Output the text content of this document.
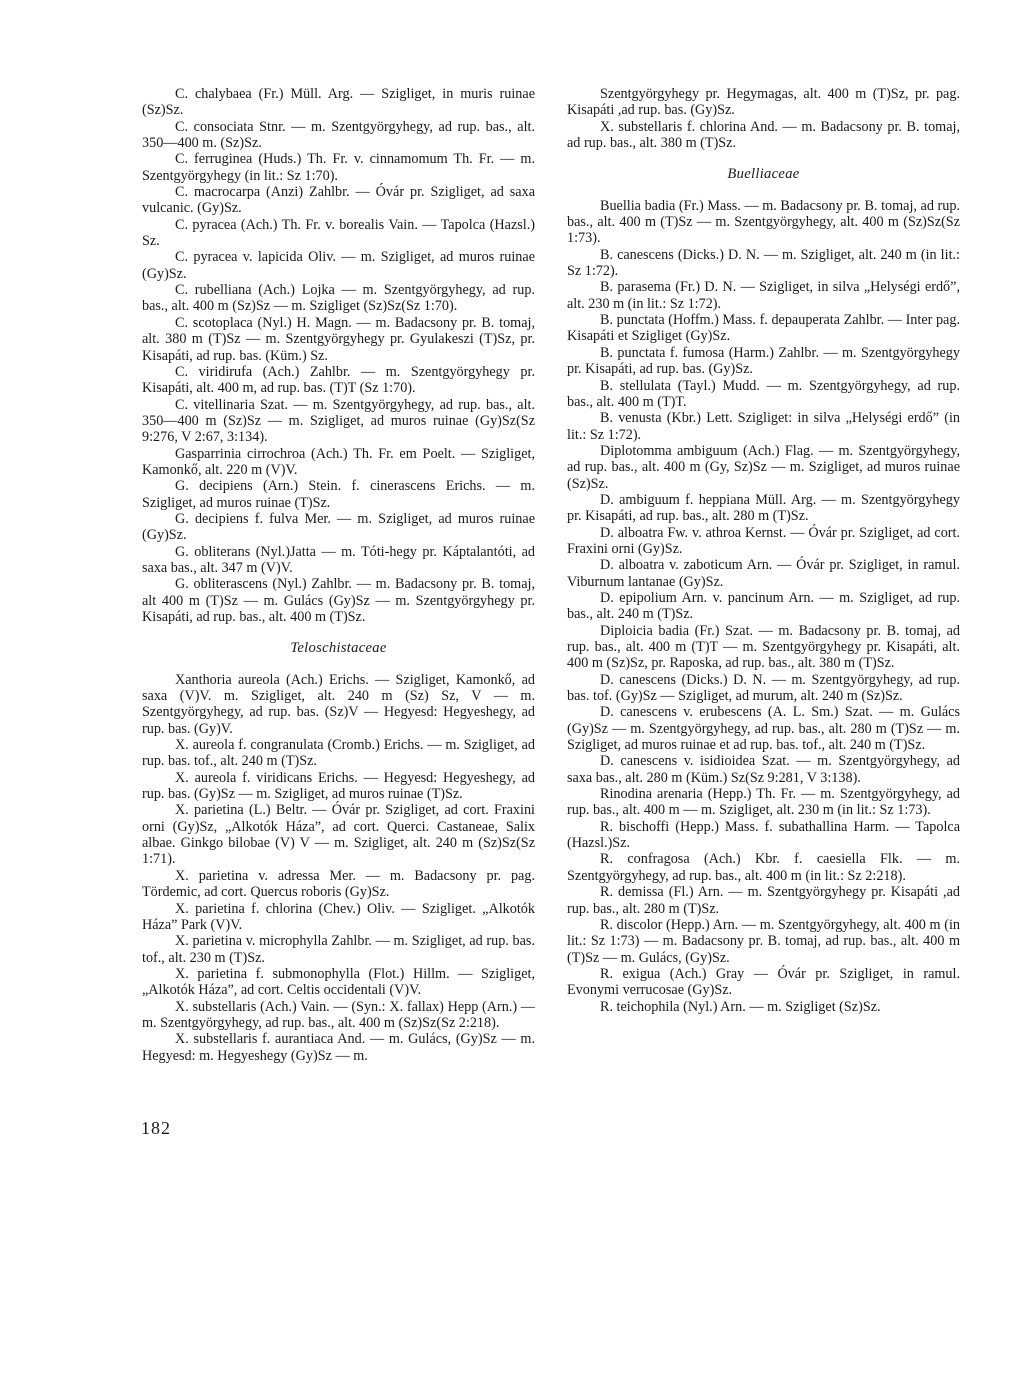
C. chalybaea (Fr.) Müll. Arg. — Szigliget, in muris ruinae (Sz)Sz.

C. consociata Stnr. — m. Szentgyörgyhegy, ad rup. bas., alt. 350—400 m. (Sz)Sz.

C. ferruginea (Huds.) Th. Fr. v. cinnamomum Th. Fr. — m. Szentgyörgyhegy (in lit.: Sz 1:70).

C. macrocarpa (Anzi) Zahlbr. — Óvár pr. Szigliget, ad saxa vulcanic. (Gy)Sz.

C. pyracea (Ach.) Th. Fr. v. borealis Vain. — Tapolca (Hazsl.) Sz.

C. pyracea v. lapicida Oliv. — m. Szigliget, ad muros ruinae (Gy)Sz.

C. rubelliana (Ach.) Lojka — m. Szentgyörgyhegy, ad rup. bas., alt. 400 m (Sz)Sz — m. Szigliget (Sz)Sz(Sz 1:70).

C. scotoplaca (Nyl.) H. Magn. — m. Badacsony pr. B. tomaj, alt. 380 m (T)Sz — m. Szentgyörgyhegy pr. Gyulakeszi (T)Sz, pr. Kisapáti, ad rup. bas. (Küm.) Sz.

C. viridirufa (Ach.) Zahlbr. — m. Szentgyörgyhegy pr. Kisapáti, alt. 400 m, ad rup. bas. (T)T (Sz 1:70).

C. vitellinaria Szat. — m. Szentgyörgyhegy, ad rup. bas., alt. 350—400 m (Sz)Sz — m. Szigliget, ad muros ruinae (Gy)Sz(Sz 9:276, V 2:67, 3:134).

Gasparrinia cirrochroa (Ach.) Th. Fr. em Poelt. — Szigliget, Kamonkő, alt. 220 m (V)V.

G. decipiens (Arn.) Stein. f. cinerascens Erichs. — m. Szigliget, ad muros ruinae (T)Sz.

G. decipiens f. fulva Mer. — m. Szigliget, ad muros ruinae (Gy)Sz.

G. obliterans (Nyl.)Jatta — m. Tóti-hegy pr. Káptalantóti, ad saxa bas., alt. 347 m (V)V.

G. obliterascens (Nyl.) Zahlbr. — m. Badacsony pr. B. tomaj, alt 400 m (T)Sz — m. Gulács (Gy)Sz — m. Szentgyörgyhegy pr. Kisapáti, ad rup. bas., alt. 400 m (T)Sz.

Teloschistaceae

Xanthoria aureola (Ach.) Erichs. — Szigliget, Kamonkő, ad saxa (V)V. m. Szigliget, alt. 240 m (Sz) Sz, V — m. Szentgyörgyhegy, ad rup. bas. (Sz)V — Hegyesd: Hegyeshegy, ad rup. bas. (Gy)V.

X. aureola f. congranulata (Cromb.) Erichs. — m. Szigliget, ad rup. bas. tof., alt. 240 m (T)Sz.

X. aureola f. viridicans Erichs. — Hegyesd: Hegyeshegy, ad rup. bas. (Gy)Sz — m. Szigliget, ad muros ruinae (T)Sz.

X. parietina (L.) Beltr. — Óvár pr. Szigliget, ad cort. Fraxini orni (Gy)Sz, „Alkotók Háza”, ad cort. Querci. Castaneae, Salix albae. Ginkgo bilobae (V) V — m. Szigliget, alt. 240 m (Sz)Sz(Sz 1:71).

X. parietina v. adressa Mer. — m. Badacsony pr. pag. Tördemic, ad cort. Quercus roboris (Gy)Sz.

X. parietina f. chlorina (Chev.) Oliv. — Szigliget. „Alkotók Háza” Park (V)V.

X. parietina v. microphylla Zahlbr. — m. Szigliget, ad rup. bas. tof., alt. 230 m (T)Sz.

X. parietina f. submonophylla (Flot.) Hillm. — Szigliget, „Alkotók Háza”, ad cort. Celtis occidentali (V)V.

X. substellaris (Ach.) Vain. — (Syn.: X. fallax) Hepp (Arn.) — m. Szentgyörgyhegy, ad rup. bas., alt. 400 m (Sz)Sz(Sz 2:218).

X. substellaris f. aurantiaca And. — m. Gulács, (Gy)Sz — m. Hegyesd: m. Hegyeshegy (Gy)Sz — m.

Szentgyörgyhegy pr. Hegymagas, alt. 400 m (T)Sz, pr. pag. Kisapáti ,ad rup. bas. (Gy)Sz.

X. substellaris f. chlorina And. — m. Badacsony pr. B. tomaj, ad rup. bas., alt. 380 m (T)Sz.

Buelliaceae

Buellia badia (Fr.) Mass. — m. Badacsony pr. B. tomaj, ad rup. bas., alt. 400 m (T)Sz — m. Szentgyörgyhegy, alt. 400 m (Sz)Sz(Sz 1:73).

B. canescens (Dicks.) D. N. — m. Szigliget, alt. 240 m (in lit.: Sz 1:72).

B. parasema (Fr.) D. N. — Szigliget, in silva „Helységi erdő”, alt. 230 m (in lit.: Sz 1:72).

B. punctata (Hoffm.) Mass. f. depauperata Zahlbr. — Inter pag. Kisapáti et Szigliget (Gy)Sz.

B. punctata f. fumosa (Harm.) Zahlbr. — m. Szentgyörgyhegy pr. Kisapáti, ad rup. bas. (Gy)Sz.

B. stellulata (Tayl.) Mudd. — m. Szentgyörgyhegy, ad rup. bas., alt. 400 m (T)T.

B. venusta (Kbr.) Lett. Szigliget: in silva „Helységi erdő” (in lit.: Sz 1:72).

Diplotomma ambiguum (Ach.) Flag. — m. Szentgyörgyhegy, ad rup. bas., alt. 400 m (Gy, Sz)Sz — m. Szigliget, ad muros ruinae (Sz)Sz.

D. ambiguum f. heppiana Müll. Arg. — m. Szentgyörgyhegy pr. Kisapáti, ad rup. bas., alt. 280 m (T)Sz.

D. alboatra Fw. v. athroa Kernst. — Óvár pr. Szigliget, ad cort. Fraxini orni (Gy)Sz.

D. alboatra v. zaboticum Arn. — Óvár pr. Szigliget, in ramul. Viburnum lantanae (Gy)Sz.

D. epipolium Arn. v. pancinum Arn. — m. Szigliget, ad rup. bas., alt. 240 m (T)Sz.

Diploicia badia (Fr.) Szat. — m. Badacsony pr. B. tomaj, ad rup. bas., alt. 400 m (T)T — m. Szentgyörgyhegy pr. Kisapáti, alt. 400 m (Sz)Sz, pr. Raposka, ad rup. bas., alt. 380 m (T)Sz.

D. canescens (Dicks.) D. N. — m. Szentgyörgyhegy, ad rup. bas. tof. (Gy)Sz — Szigliget, ad murum, alt. 240 m (Sz)Sz.

D. canescens v. erubescens (A. L. Sm.) Szat. — m. Gulács (Gy)Sz — m. Szentgyörgyhegy, ad rup. bas., alt. 280 m (T)Sz — m. Szigliget, ad muros ruinae et ad rup. bas. tof., alt. 240 m (T)Sz.

D. canescens v. isidioidea Szat. — m. Szentgyörgyhegy, ad saxa bas., alt. 280 m (Küm.) Sz(Sz 9:281, V 3:138).

Rinodina arenaria (Hepp.) Th. Fr. — m. Szentgyörgyhegy, ad rup. bas., alt. 400 m — m. Szigliget, alt. 230 m (in lit.: Sz 1:73).

R. bischoffi (Hepp.) Mass. f. subathallina Harm. — Tapolca (Hazsl.)Sz.

R. confragosa (Ach.) Kbr. f. caesiella Flk. — m. Szentgyörgyhegy, ad rup. bas., alt. 400 m (in lit.: Sz 2:218).

R. demissa (Fl.) Arn. — m. Szentgyörgyhegy pr. Kisapáti ,ad rup. bas., alt. 280 m (T)Sz.

R. discolor (Hepp.) Arn. — m. Szentgyörgyhegy, alt. 400 m (in lit.: Sz 1:73) — m. Badacsony pr. B. tomaj, ad rup. bas., alt. 400 m (T)Sz — m. Gulács, (Gy)Sz.

R. exigua (Ach.) Gray — Óvár pr. Szigliget, in ramul. Evonymi verrucosae (Gy)Sz.

R. teichophila (Nyl.) Arn. — m. Szigliget (Sz)Sz.

182
